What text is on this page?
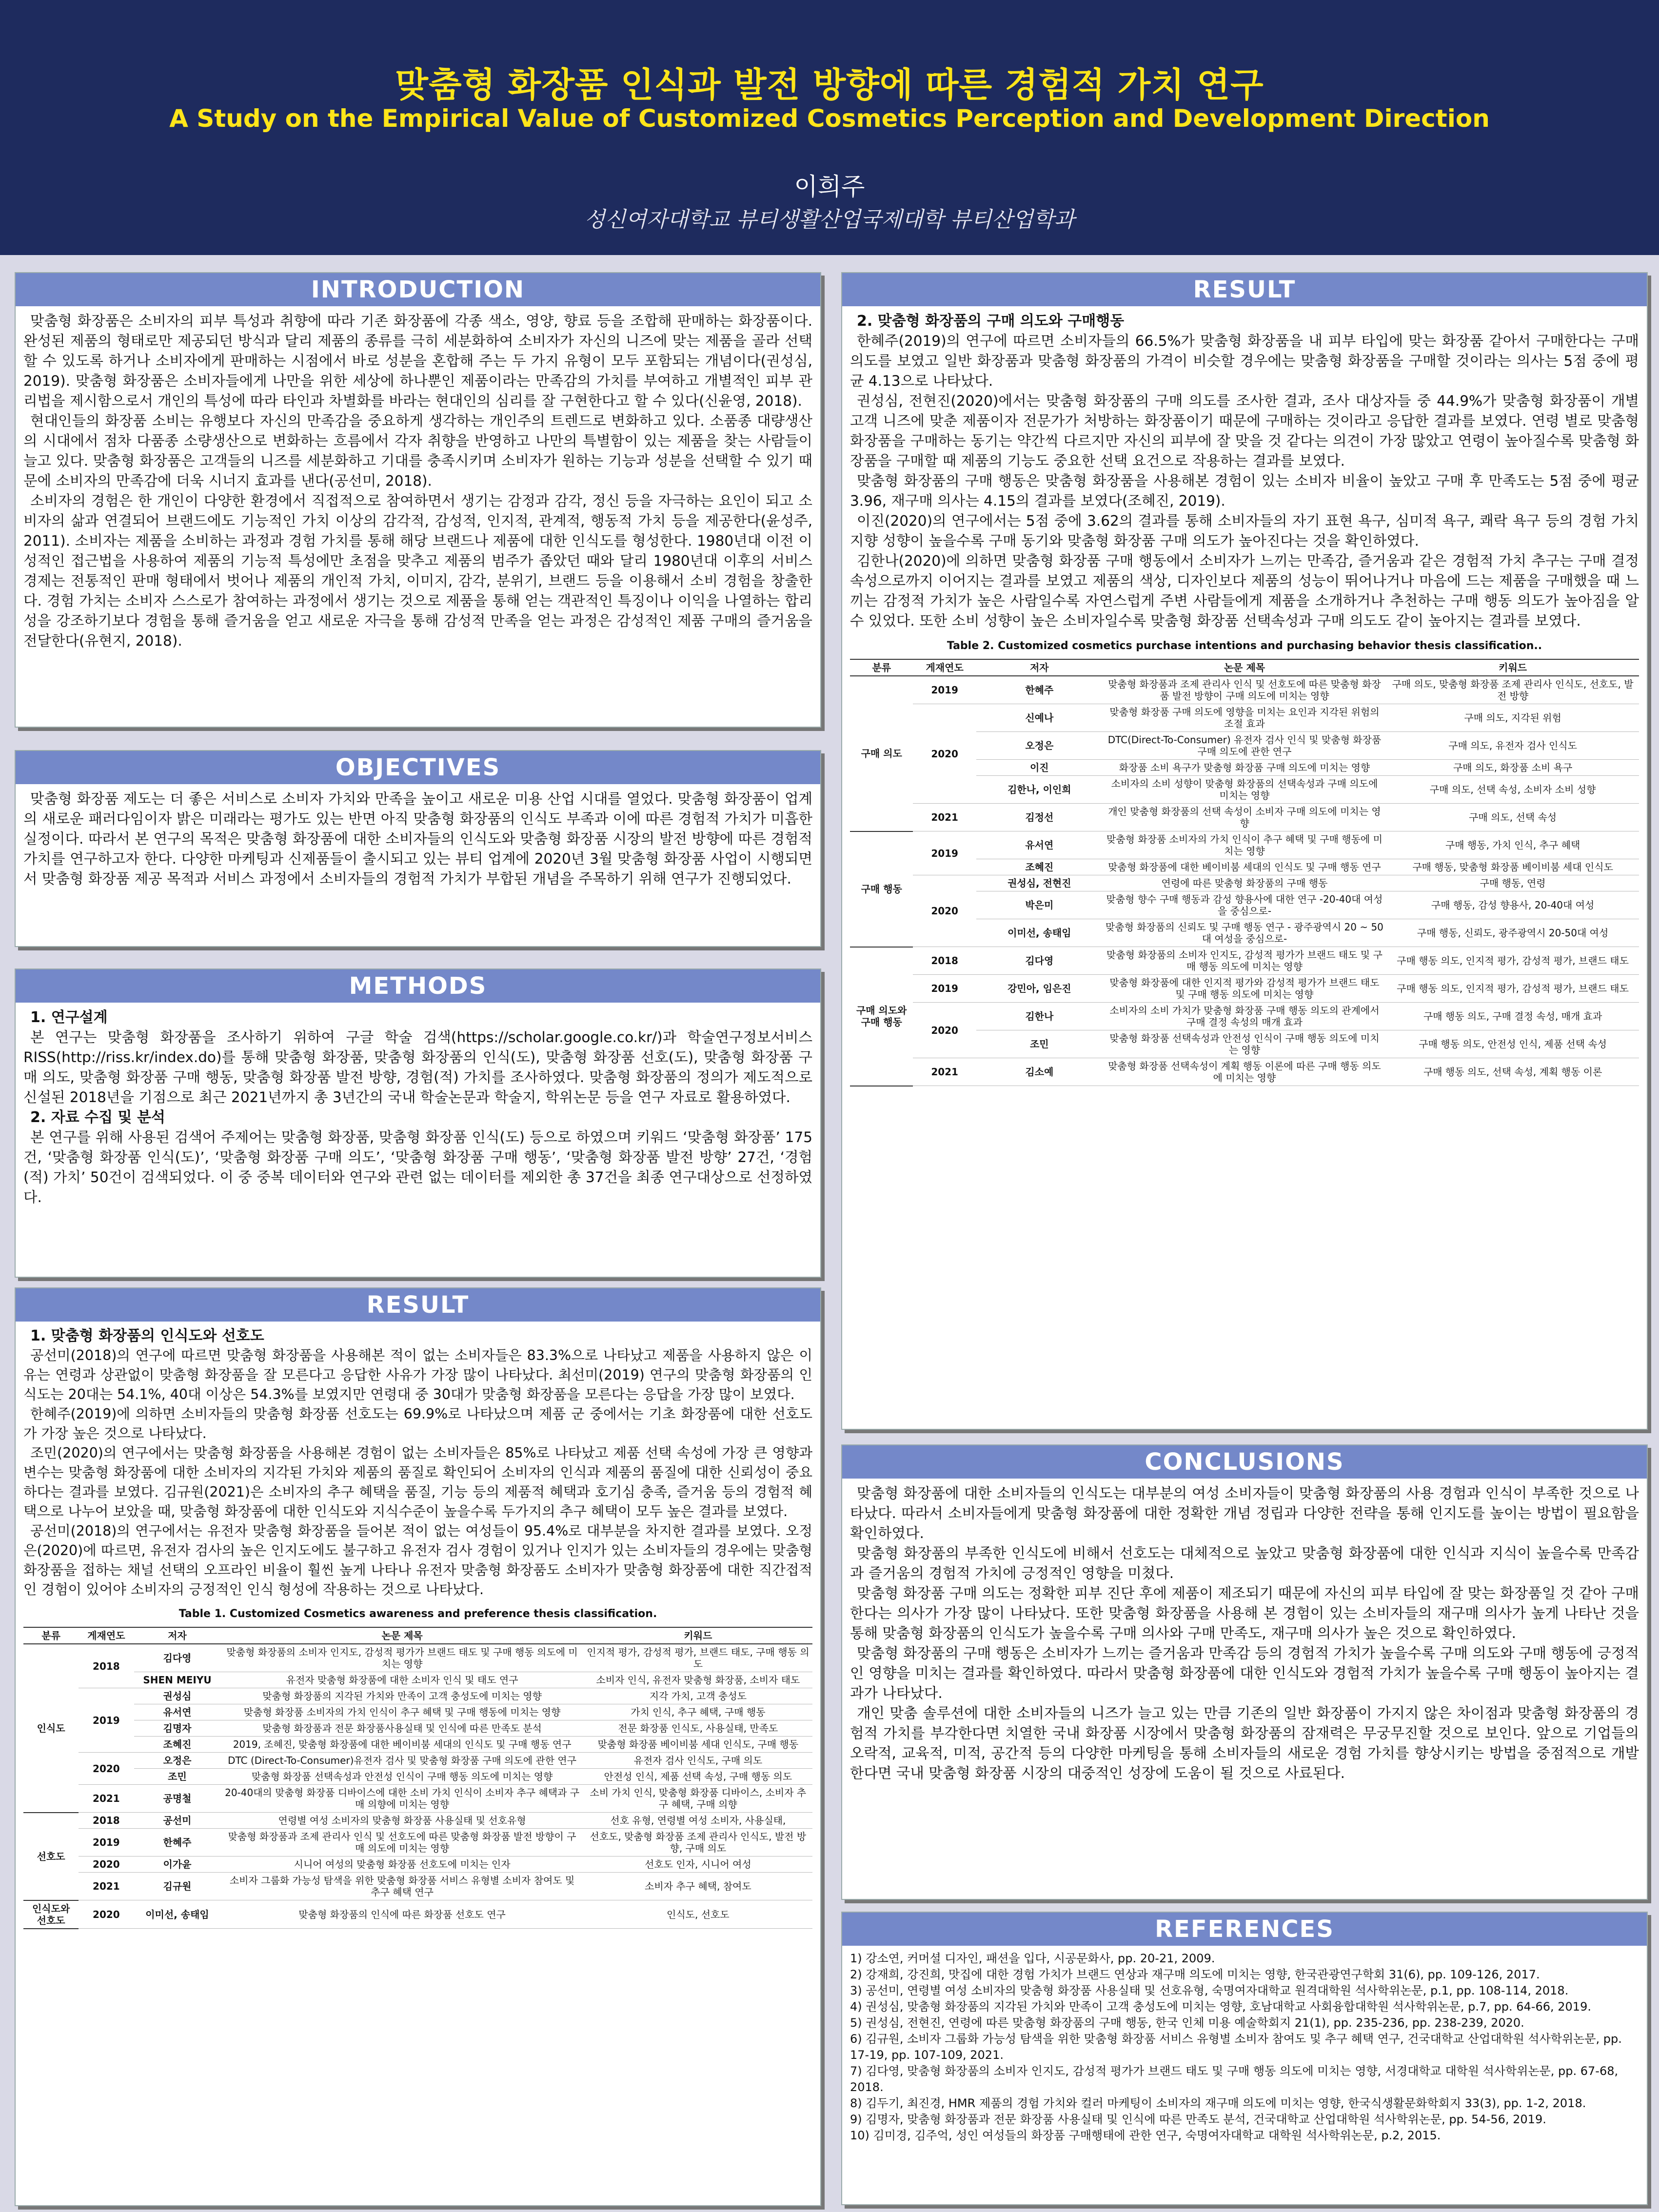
맞춤형 화장품 인식과 발전 방향에 따른 경험적 가치 연구
A Study on the Empirical Value of Customized Cosmetics Perception and Development Direction
이희주
성신여자대학교 뷰티생활산업국제대학 뷰티산업학과
INTRODUCTION

맞춤형 화장품은 소비자의 피부 특성과 취향에 따라 기존 화장품에 각종 색소, 영양, 향료 등을 조합해 판매하는 화장품이다. 완성된 제품의 형태로만 제공되던 방식과 달리 제품의 종류를 극히 세분화하여 소비자가 자신의 니즈에 맞는 제품을 골라 선택할 수 있도록 하거나 소비자에게 판매하는 시점에서 바로 성분을 혼합해 주는 두 가지 유형이 모두 포함되는 개념이다(권성심, 2019). 맞춤형 화장품은 소비자들에게 나만을 위한 세상에 하나뿐인 제품이라는 만족감의 가치를 부여하고 개별적인 피부 관리법을 제시함으로서 개인의 특성에 따라 타인과 차별화를 바라는 현대인의 심리를 잘 구현한다고 할 수 있다(신윤영, 2018).

현대인들의 화장품 소비는 유행보다 자신의 만족감을 중요하게 생각하는 개인주의 트렌드로 변화하고 있다. 소품종 대량생산의 시대에서 점차 다품종 소량생산으로 변화하는 흐름에서 각자 취향을 반영하고 나만의 특별함이 있는 제품을 찾는 사람들이 늘고 있다. 맞춤형 화장품은 고객들의 니즈를 세분화하고 기대를 충족시키며 소비자가 원하는 기능과 성분을 선택할 수 있기 때문에 소비자의 만족감에 더욱 시너지 효과를 낸다(공선미, 2018).

소비자의 경험은 한 개인이 다양한 환경에서 직접적으로 참여하면서 생기는 감정과 감각, 정신 등을 자극하는 요인이 되고 소비자의 삶과 연결되어 브랜드에도 기능적인 가치 이상의 감각적, 감성적, 인지적, 관계적, 행동적 가치 등을 제공한다(윤성주, 2011). 소비자는 제품을 소비하는 과정과 경험 가치를 통해 해당 브랜드나 제품에 대한 인식도를 형성한다. 1980년대 이전 이성적인 접근법을 사용하여 제품의 기능적 특성에만 초점을 맞추고 제품의 범주가 좁았던 때와 달리 1980년대 이후의 서비스 경제는 전통적인 판매 형태에서 벗어나 제품의 개인적 가치, 이미지, 감각, 분위기, 브랜드 등을 이용해서 소비 경험을 창출한다. 경험 가치는 소비자 스스로가 참여하는 과정에서 생기는 것으로 제품을 통해 얻는 객관적인 특징이나 이익을 나열하는 합리성을 강조하기보다 경험을 통해 즐거움을 얻고 새로운 자극을 통해 감성적 만족을 얻는 과정은 감성적인 제품 구매의 즐거움을 전달한다(유현지, 2018).

OBJECTIVES

맞춤형 화장품 제도는 더 좋은 서비스로 소비자 가치와 만족을 높이고 새로운 미용 산업 시대를 열었다. 맞춤형 화장품이 업계의 새로운 패러다임이자 밝은 미래라는 평가도 있는 반면 아직 맞춤형 화장품의 인식도 부족과 이에 따른 경험적 가치가 미흡한 실정이다. 따라서 본 연구의 목적은 맞춤형 화장품에 대한 소비자들의 인식도와 맞춤형 화장품 시장의 발전 방향에 따른 경험적 가치를 연구하고자 한다. 다양한 마케팅과 신제품들이 출시되고 있는 뷰티 업계에 2020년 3월 맞춤형 화장품 사업이 시행되면서 맞춤형 화장품 제공 목적과 서비스 과정에서 소비자들의 경험적 가치가 부합된 개념을 주목하기 위해 연구가 진행되었다.

METHODS

1. 연구설계

본 연구는 맞춤형 화장품을 조사하기 위하여 구글 학술 검색(https://scholar.google.co.kr/)과 학술연구정보서비스 RISS(http://riss.kr/index.do)를 통해 맞춤형 화장품, 맞춤형 화장품의 인식(도), 맞춤형 화장품 선호(도), 맞춤형 화장품 구매 의도, 맞춤형 화장품 구매 행동, 맞춤형 화장품 발전 방향, 경험(적) 가치를 조사하였다. 맞춤형 화장품의 정의가 제도적으로 신설된 2018년을 기점으로 최근 2021년까지 총 3년간의 국내 학술논문과 학술지, 학위논문 등을 연구 자료로 활용하였다.

2. 자료 수집 및 분석

본 연구를 위해 사용된 검색어 주제어는 맞춤형 화장품, 맞춤형 화장품 인식(도) 등으로 하였으며 키워드 ‘맞춤형 화장품’ 175건, ‘맞춤형 화장품 인식(도)’, ‘맞춤형 화장품 구매 의도’, ‘맞춤형 화장품 구매 행동’, ‘맞춤형 화장품 발전 방향’ 27건, ‘경험(적) 가치’ 50건이 검색되었다. 이 중 중복 데이터와 연구와 관련 없는 데이터를 제외한 총 37건을 최종 연구대상으로 선정하였다.

RESULT

1. 맞춤형 화장품의 인식도와 선호도

공선미(2018)의 연구에 따르면 맞춤형 화장품을 사용해본 적이 없는 소비자들은 83.3%으로 나타났고 제품을 사용하지 않은 이유는 연령과 상관없이 맞춤형 화장품을 잘 모른다고 응답한 사유가 가장 많이 나타났다. 최선미(2019) 연구의 맞춤형 화장품의 인식도는 20대는 54.1%, 40대 이상은 54.3%를 보였지만 연령대 중 30대가 맞춤형 화장품을 모른다는 응답을 가장 많이 보였다.

한혜주(2019)에 의하면 소비자들의 맞춤형 화장품 선호도는 69.9%로 나타났으며 제품 군 중에서는 기초 화장품에 대한 선호도가 가장 높은 것으로 나타났다.

조민(2020)의 연구에서는 맞춤형 화장품을 사용해본 경험이 없는 소비자들은 85%로 나타났고 제품 선택 속성에 가장 큰 영향과 변수는 맞춤형 화장품에 대한 소비자의 지각된 가치와 제품의 품질로 확인되어 소비자의 인식과 제품의 품질에 대한 신뢰성이 중요하다는 결과를 보였다. 김규원(2021)은 소비자의 추구 혜택을 품질, 기능 등의 제품적 혜택과 호기심 충족, 즐거움 등의 경험적 혜택으로 나누어 보았을 때, 맞춤형 화장품에 대한 인식도와 지식수준이 높을수록 두가지의 추구 혜택이 모두 높은 결과를 보였다.

공선미(2018)의 연구에서는 유전자 맞춤형 화장품을 들어본 적이 없는 여성들이 95.4%로 대부분을 차지한 결과를 보였다. 오정은(2020)에 따르면, 유전자 검사의 높은 인지도에도 불구하고 유전자 검사 경험이 있거나 인지가 있는 소비자들의 경우에는 맞춤형 화장품을 접하는 채널 선택의 오프라인 비율이 훨씬 높게 나타나 유전자 맞춤형 화장품도 소비자가 맞춤형 화장품에 대한 직간접적인 경험이 있어야 소비자의 긍정적인 인식 형성에 작용하는 것으로 나타났다.

Table 1. Customized Cosmetics awareness and preference thesis classification.
분류	게재연도	저자	논문 제목	키워드
인식도	2018	김다영	맞춤형 화장품의 소비자 인지도, 감성적 평가가 브랜드 태도 및 구매 행동 의도에 미치는 영향	인지적 평가, 감성적 평가, 브랜드 태도, 구매 행동 의도
		SHEN MEIYU	유전자 맞춤형 화장품에 대한 소비자 인식 및 태도 연구	소비자 인식, 유전자 맞춤형 화장품, 소비자 태도
	2019	권성심	맞춤형 화장품의 지각된 가치와 만족이 고객 충성도에 미치는 영향	지각 가치, 고객 충성도
		유서연	맞춤형 화장품 소비자의 가치 인식이 추구 혜택 및 구매 행동에 미치는 영향	가치 인식, 추구 혜택, 구매 행동
		김명자	맞춤형 화장품과 전문 화장품사용실태 및 인식에 따른 만족도 분석	전문 화장품 인식도, 사용실태, 만족도
		조혜진	2019, 조혜진, 맞춤형 화장품에 대한 베이비붐 세대의 인식도 및 구매 행동 연구	맞춤형 화장품 베이비붐 세대 인식도, 구매 행동
	2020	오정은	DTC (Direct-To-Consumer)유전자 검사 및 맞춤형 화장품 구매 의도에 관한 연구	유전자 검사 인식도, 구매 의도
		조민	맞춤형 화장품 선택속성과 안전성 인식이 구매 행동 의도에 미치는 영향	안전성 인식, 제품 선택 속성, 구매 행동 의도
	2021	공명철	20-40대의 맞춤형 화장품 디바이스에 대한 소비 가치 인식이 소비자 추구 혜택과 구매 의향에 미치는 영향	소비 가치 인식, 맞춤형 화장품 디바이스, 소비자 추구 혜택, 구매 의향
선호도	2018	공선미	연령별 여성 소비자의 맞춤형 화장품 사용실태 및 선호유형	선호 유형, 연령별 여성 소비자, 사용실태,
	2019	한혜주	맞춤형 화장품과 조제 관리사 인식 및 선호도에 따른 맞춤형 화장품 발전 방향이 구매 의도에 미치는 영향	선호도, 맞춤형 화장품 조제 관리사 인식도, 발전 방향, 구매 의도
	2020	이가윤	시니어 여성의 맞춤형 화장품 선호도에 미치는 인자	선호도 인자, 시니어 여성
	2021	김규원	소비자 그룹화 가능성 탐색을 위한 맞춤형 화장품 서비스 유형별 소비자 참여도 및 추구 혜택 연구	소비자 추구 혜택, 참여도
인식도와 선호도	2020	이미선, 송태임	맞춤형 화장품의 인식에 따른 화장품 선호도 연구	인식도, 선호도
RESULT

2. 맞춤형 화장품의 구매 의도와 구매행동

한혜주(2019)의 연구에 따르면 소비자들의 66.5%가 맞춤형 화장품을 내 피부 타입에 맞는 화장품 같아서 구매한다는 구매 의도를 보였고 일반 화장품과 맞춤형 화장품의 가격이 비슷할 경우에는 맞춤형 화장품을 구매할 것이라는 의사는 5점 중에 평균 4.13으로 나타났다.

권성심, 전현진(2020)에서는 맞춤형 화장품의 구매 의도를 조사한 결과, 조사 대상자들 중 44.9%가 맞춤형 화장품이 개별 고객 니즈에 맞춘 제품이자 전문가가 처방하는 화장품이기 때문에 구매하는 것이라고 응답한 결과를 보였다. 연령 별로 맞춤형 화장품을 구매하는 동기는 약간씩 다르지만 자신의 피부에 잘 맞을 것 같다는 의견이 가장 많았고 연령이 높아질수록 맞춤형 화장품을 구매할 때 제품의 기능도 중요한 선택 요건으로 작용하는 결과를 보였다.

맞춤형 화장품의 구매 행동은 맞춤형 화장품을 사용해본 경험이 있는 소비자 비율이 높았고 구매 후 만족도는 5점 중에 평균 3.96, 재구매 의사는 4.15의 결과를 보였다(조혜진, 2019).

이진(2020)의 연구에서는 5점 중에 3.62의 결과를 통해 소비자들의 자기 표현 욕구, 심미적 욕구, 쾌락 욕구 등의 경험 가치 지향 성향이 높을수록 구매 동기와 맞춤형 화장품 구매 의도가 높아진다는 것을 확인하였다.

김한나(2020)에 의하면 맞춤형 화장품 구매 행동에서 소비자가 느끼는 만족감, 즐거움과 같은 경험적 가치 추구는 구매 결정 속성으로까지 이어지는 결과를 보였고 제품의 색상, 디자인보다 제품의 성능이 뛰어나거나 마음에 드는 제품을 구매했을 때 느끼는 감정적 가치가 높은 사람일수록 자연스럽게 주변 사람들에게 제품을 소개하거나 추천하는 구매 행동 의도가 높아짐을 알 수 있었다. 또한 소비 성향이 높은 소비자일수록 맞춤형 화장품 선택속성과 구매 의도도 같이 높아지는 결과를 보였다.

Table 2. Customized cosmetics purchase intentions and purchasing behavior thesis classification..
분류	게재연도	저자	논문 제목	키워드
구매 의도	2019	한혜주	맞춤형 화장품과 조제 관리사 인식 및 선호도에 따른 맞춤형 화장품 발전 방향이 구매 의도에 미치는 영향	구매 의도, 맞춤형 화장품 조제 관리사 인식도, 선호도, 발전 방향
	2020	신예나	맞춤형 화장품 구매 의도에 영향을 미치는 요인과 지각된 위험의 조절 효과	구매 의도, 지각된 위험
		오정은	DTC(Direct-To-Consumer) 유전자 검사 인식 및 맞춤형 화장품 구매 의도에 관한 연구	구매 의도, 유전자 검사 인식도
		이진	화장품 소비 욕구가 맞춤형 화장품 구매 의도에 미치는 영향	구매 의도, 화장품 소비 욕구
		김한나, 이인희	소비자의 소비 성향이 맞춤형 화장품의 선택속성과 구매 의도에 미치는 영향	구매 의도, 선택 속성, 소비자 소비 성향
	2021	김정선	개인 맞춤형 화장품의 선택 속성이 소비자 구매 의도에 미치는 영향	구매 의도, 선택 속성
구매 행동	2019	유서연	맞춤형 화장품 소비자의 가치 인식이 추구 혜택 및 구매 행동에 미치는 영향	구매 행동, 가치 인식, 추구 혜택
		조혜진	맞춤형 화장품에 대한 베이비붐 세대의 인식도 및 구매 행동 연구	구매 행동, 맞춤형 화장품 베이비붐 세대 인식도
	2020	권성심, 전현진	연령에 따른 맞춤형 화장품의 구매 행동	구매 행동, 연령
		박은미	맞춤형 향수 구매 행동과 감성 향용사에 대한 연구 -20-40대 여성을 중심으로-	구매 행동, 감성 향용사, 20-40대 여성
		이미선, 송태임	맞춤형 화장품의 신뢰도 및 구매 행동 연구 - 광주광역시 20 ~ 50대 여성을 중심으로-	구매 행동, 신뢰도, 광주광역시 20-50대 여성
구매 의도와 구매 행동	2018	김다영	맞춤형 화장품의 소비자 인지도, 감성적 평가가 브랜드 태도 및 구매 행동 의도에 미치는 영향	구매 행동 의도, 인지적 평가, 감성적 평가, 브랜드 태도
	2019	강민아, 임은진	맞춤형 화장품에 대한 인지적 평가와 감성적 평가가 브랜드 태도 및 구매 행동 의도에 미치는 영향	구매 행동 의도, 인지적 평가, 감성적 평가, 브랜드 태도
	2020	김한나	소비자의 소비 가치가 맞춤형 화장품 구매 행동 의도의 관계에서 구매 결정 속성의 매개 효과	구매 행동 의도, 구매 결정 속성, 매개 효과
		조민	맞춤형 화장품 선택속성과 안전성 인식이 구매 행동 의도에 미치는 영향	구매 행동 의도, 안전성 인식, 제품 선택 속성
	2021	김소예	맞춤형 화장품 선택속성이 계획 행동 이론에 따른 구매 행동 의도에 미치는 영향	구매 행동 의도, 선택 속성, 계획 행동 이론
CONCLUSIONS

맞춤형 화장품에 대한 소비자들의 인식도는 대부분의 여성 소비자들이 맞춤형 화장품의 사용 경험과 인식이 부족한 것으로 나타났다. 따라서 소비자들에게 맞춤형 화장품에 대한 정확한 개념 정립과 다양한 전략을 통해 인지도를 높이는 방법이 필요함을 확인하였다.

맞춤형 화장품의 부족한 인식도에 비해서 선호도는 대체적으로 높았고 맞춤형 화장품에 대한 인식과 지식이 높을수록 만족감과 즐거움의 경험적 가치에 긍정적인 영향을 미쳤다.

맞춤형 화장품 구매 의도는 정확한 피부 진단 후에 제품이 제조되기 때문에 자신의 피부 타입에 잘 맞는 화장품일 것 같아 구매한다는 의사가 가장 많이 나타났다. 또한 맞춤형 화장품을 사용해 본 경험이 있는 소비자들의 재구매 의사가 높게 나타난 것을 통해 맞춤형 화장품의 인식도가 높을수록 구매 의사와 구매 만족도, 재구매 의사가 높은 것으로 확인하였다.

맞춤형 화장품의 구매 행동은 소비자가 느끼는 즐거움과 만족감 등의 경험적 가치가 높을수록 구매 의도와 구매 행동에 긍정적인 영향을 미치는 결과를 확인하였다. 따라서 맞춤형 화장품에 대한 인식도와 경험적 가치가 높을수록 구매 행동이 높아지는 결과가 나타났다.

개인 맞춤 솔루션에 대한 소비자들의 니즈가 늘고 있는 만큼 기존의 일반 화장품이 가지지 않은 차이점과 맞춤형 화장품의 경험적 가치를 부각한다면 치열한 국내 화장품 시장에서 맞춤형 화장품의 잠재력은 무궁무진할 것으로 보인다. 앞으로 기업들의 오락적, 교육적, 미적, 공간적 등의 다양한 마케팅을 통해 소비자들의 새로운 경험 가치를 향상시키는 방법을 중점적으로 개발한다면 국내 맞춤형 화장품 시장의 대중적인 성장에 도움이 될 것으로 사료된다.

REFERENCES

1) 강소연, 커머셜 디자인, 패션을 입다, 시공문화사, pp. 20-21, 2009.

2) 강재희, 강진희, 맛집에 대한 경험 가치가 브랜드 연상과 재구매 의도에 미치는 영향, 한국관광연구학회 31(6), pp. 109-126, 2017.

3) 공선미, 연령별 여성 소비자의 맞춤형 화장품 사용실태 및 선호유형, 숙명여자대학교 원격대학원 석사학위논문, p.1, pp. 108-114, 2018.

4) 권성심, 맞춤형 화장품의 지각된 가치와 만족이 고객 충성도에 미치는 영향, 호남대학교 사회융합대학원 석사학위논문, p.7, pp. 64-66, 2019.

5) 권성심, 전현진, 연령에 따른 맞춤형 화장품의 구매 행동, 한국 인체 미용 예술학회지 21(1), pp. 235-236, pp. 238-239, 2020.

6) 김규원, 소비자 그룹화 가능성 탐색을 위한 맞춤형 화장품 서비스 유형별 소비자 참여도 및 추구 혜택 연구, 건국대학교 산업대학원 석사학위논문, pp. 17-19, pp. 107-109, 2021.

7) 김다영, 맞춤형 화장품의 소비자 인지도, 감성적 평가가 브랜드 태도 및 구매 행동 의도에 미치는 영향, 서경대학교 대학원 석사학위논문, pp. 67-68, 2018.

8) 김두기, 최진경, HMR 제품의 경험 가치와 컬러 마케팅이 소비자의 재구매 의도에 미치는 영향, 한국식생활문화학회지 33(3), pp. 1-2, 2018.

9) 김명자, 맞춤형 화장품과 전문 화장품 사용실태 및 인식에 따른 만족도 분석, 건국대학교 산업대학원 석사학위논문, pp. 54-56, 2019.

10) 김미경, 김주억, 성인 여성들의 화장품 구매행태에 관한 연구, 숙명여자대학교 대학원 석사학위논문, p.2, 2015.
